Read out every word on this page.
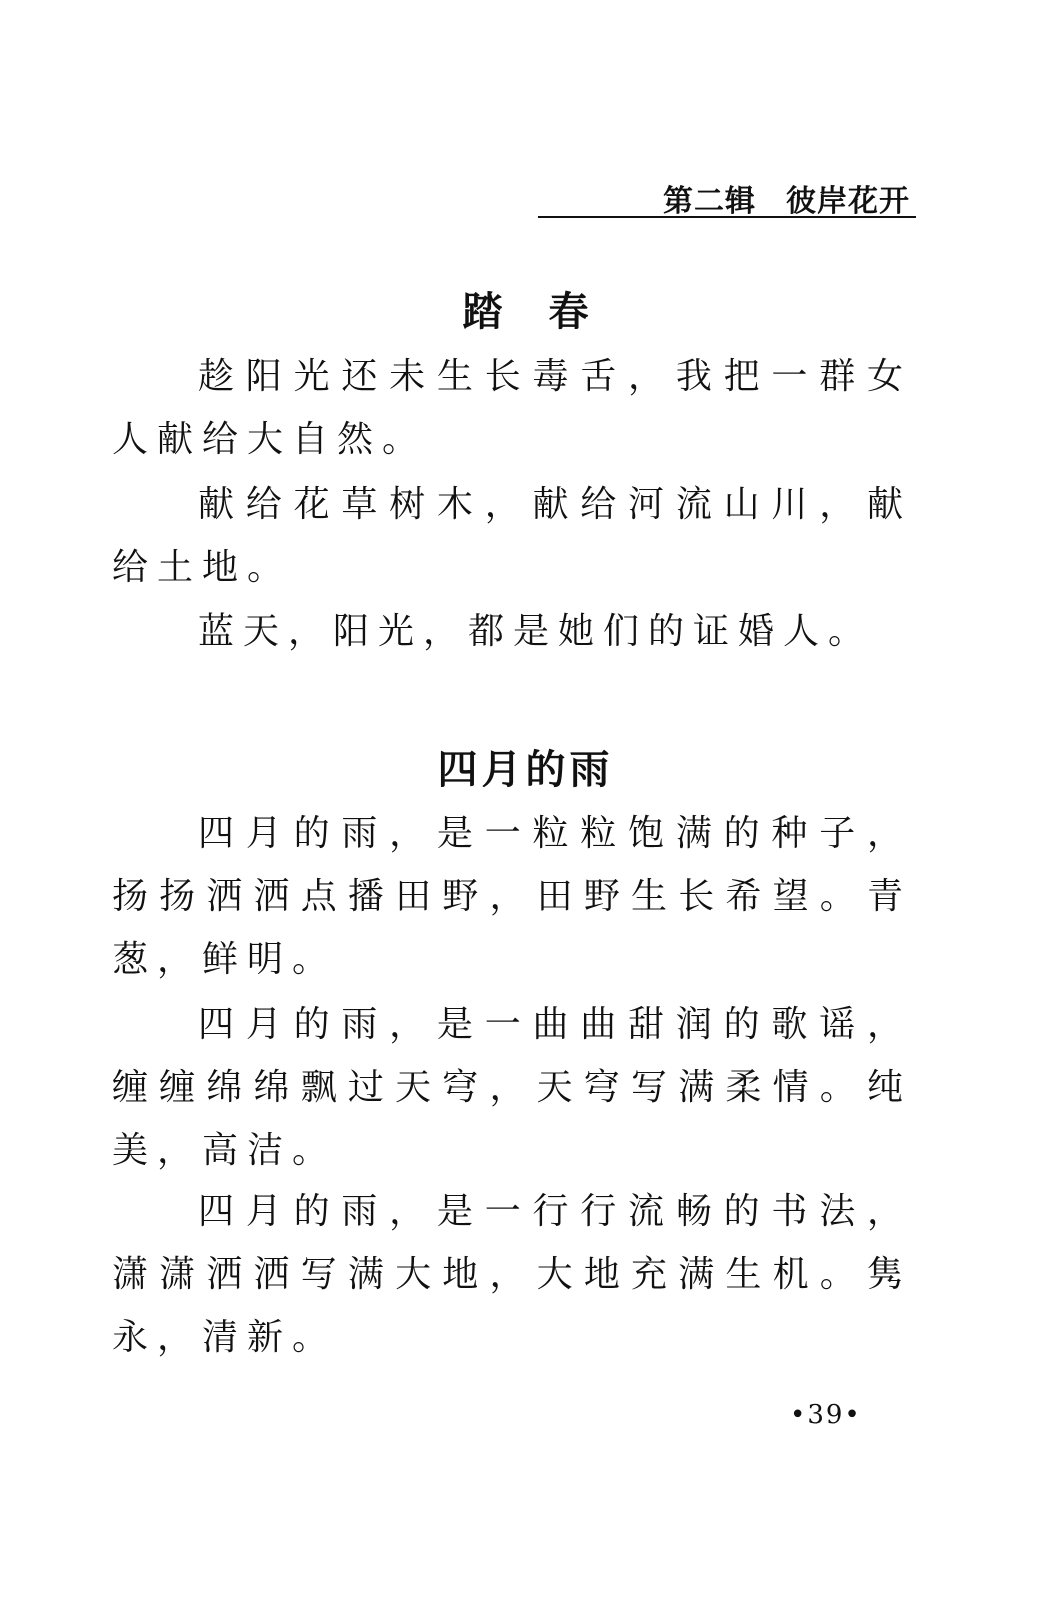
第二辑 彼岸花开
踏春

趁阳光还未生长毒舌，我把一群女人献给大自然。

献给花草树木，献给河流山川，献给土地。

蓝天，阳光，都是她们的证婚人。

四月的雨

四月的雨，是一粒粒饱满的种子，扬扬洒洒点播田野，田野生长希望。青葱，鲜明。

四月的雨，是一曲曲甜润的歌谣，缠缠绵绵飘过天穹，天穹写满柔情。纯美，高洁。

四月的雨，是一行行流畅的书法，潇潇洒洒写满大地，大地充满生机。隽永，清新。

•39•
